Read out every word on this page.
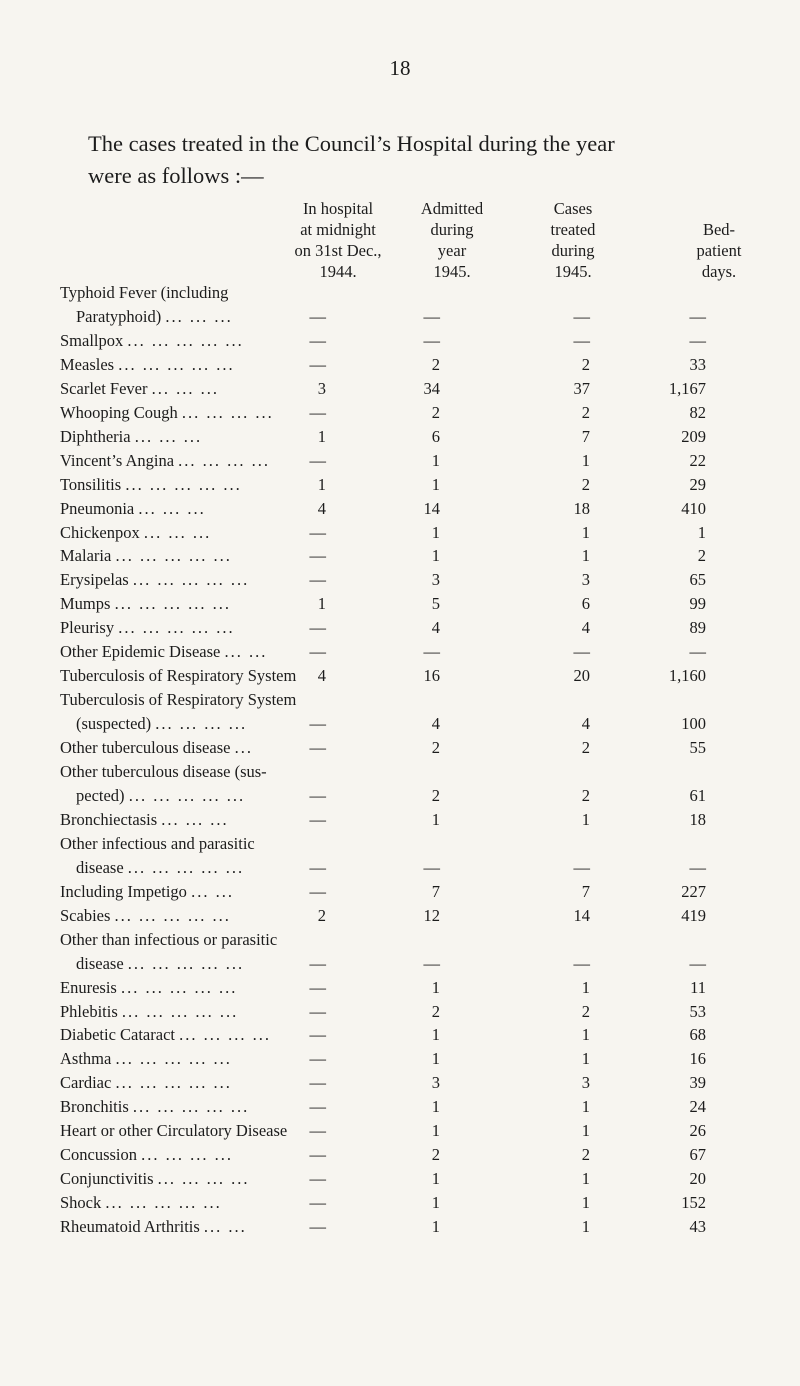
18
The cases treated in the Council’s Hospital during the year
were as follows :—
In hospital
at midnight
on 31st Dec.,
1944.
Admitted
during
year
1945.
Cases
treated
during
1945.
Bed-
patient
days.
Typhoid Fever (including
Paratyphoid) ... ... ...	—	—	—	—
Smallpox ... ... ... ... ...	—	—	—	—
Measles ... ... ... ... ...	—	2	2	33
Scarlet Fever ... ... ...	3	34	37	1,167
Whooping Cough ... ... ... ...	—	2	2	82
Diphtheria ... ... ...	1	6	7	209
Vincent’s Angina ... ... ... ...	—	1	1	22
Tonsilitis ... ... ... ... ...	1	1	2	29
Pneumonia ... ... ...	4	14	18	410
Chickenpox ... ... ...	—	1	1	1
Malaria ... ... ... ... ...	—	1	1	2
Erysipelas ... ... ... ... ...	—	3	3	65
Mumps ... ... ... ... ...	1	5	6	99
Pleurisy ... ... ... ... ...	—	4	4	89
Other Epidemic Disease ... ...	—	—	—	—
Tuberculosis of Respiratory System	4	16	20	1,160
Tuberculosis of Respiratory System
(suspected) ... ... ... ...	—	4	4	100
Other tuberculous disease ...	—	2	2	55
Other tuberculous disease (sus-
pected) ... ... ... ... ...	—	2	2	61
Bronchiectasis ... ... ...	—	1	1	18
Other infectious and parasitic
disease ... ... ... ... ...	—	—	—	—
Including Impetigo ... ...	—	7	7	227
Scabies ... ... ... ... ...	2	12	14	419
Other than infectious or parasitic
disease ... ... ... ... ...	—	—	—	—
Enuresis ... ... ... ... ...	—	1	1	11
Phlebitis ... ... ... ... ...	—	2	2	53
Diabetic Cataract ... ... ... ...	—	1	1	68
Asthma ... ... ... ... ...	—	1	1	16
Cardiac ... ... ... ... ...	—	3	3	39
Bronchitis ... ... ... ... ...	—	1	1	24
Heart or other Circulatory Disease	—	1	1	26
Concussion ... ... ... ...	—	2	2	67
Conjunctivitis ... ... ... ...	—	1	1	20
Shock ... ... ... ... ...	—	1	1	152
Rheumatoid Arthritis ... ...	—	1	1	43
